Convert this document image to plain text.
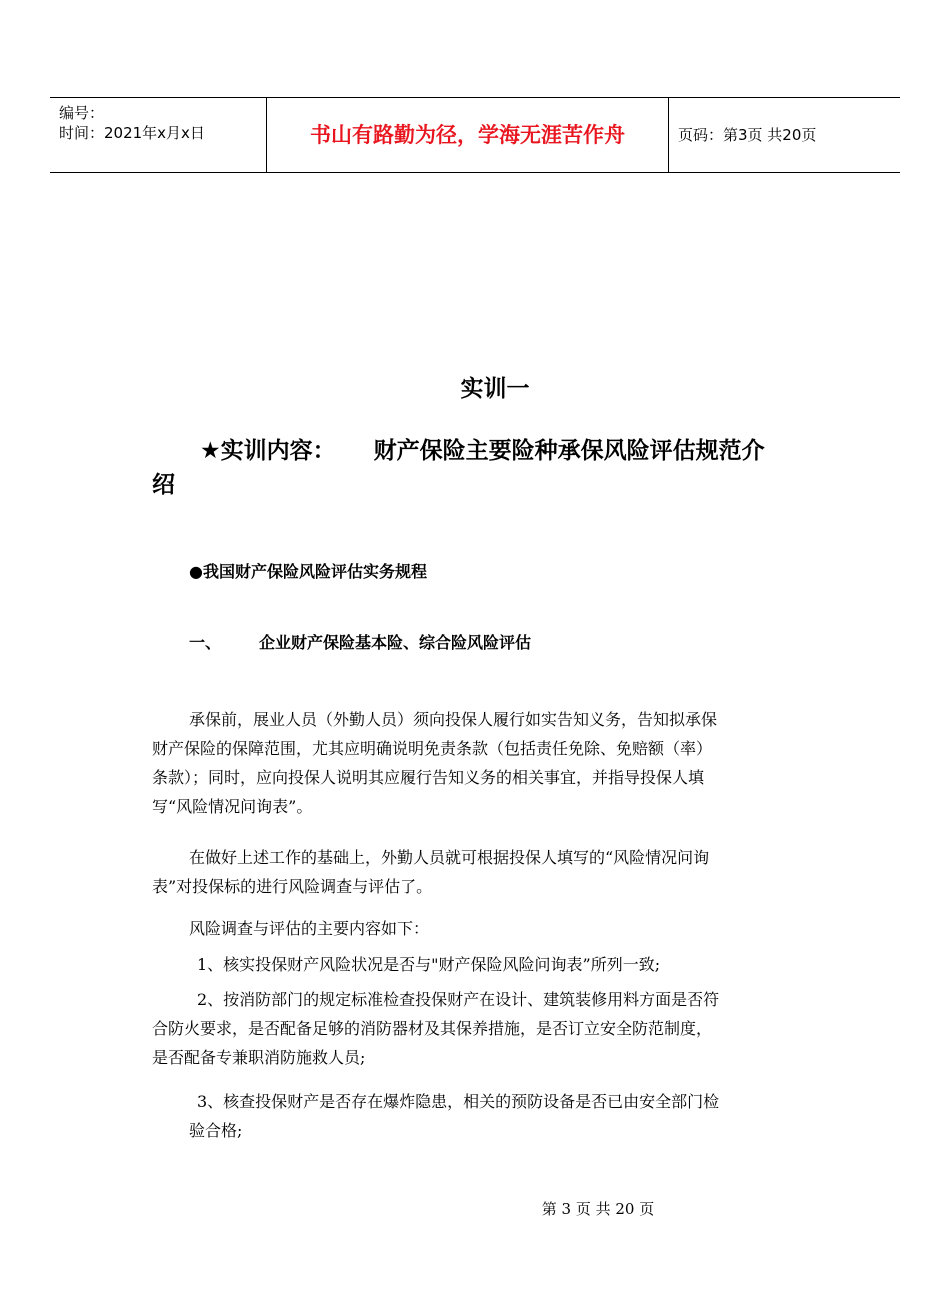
编号：
时间：2021年x月x日	书山有路勤为径，学海无涯苦作舟	页码：第3页 共20页
实训一
★实训内容： 财产保险主要险种承保风险评估规范介
绍
●我国财产保险风险评估实务规程
一、 企业财产保险基本险、综合险风险评估
承保前，展业人员（外勤人员）须向投保人履行如实告知义务，告知拟承保
财产保险的保障范围，尤其应明确说明免责条款（包括责任免除、免赔额（率）
条款）；同时，应向投保人说明其应履行告知义务的相关事宜，并指导投保人填
写“风险情况问询表”。
在做好上述工作的基础上，外勤人员就可根据投保人填写的“风险情况问询
表”对投保标的进行风险调查与评估了。
风险调查与评估的主要内容如下：
1、核实投保财产风险状况是否与"财产保险风险问询表”所列一致;
2、按消防部门的规定标准检查投保财产在设计、建筑装修用料方面是否符
合防火要求，是否配备足够的消防器材及其保养措施，是否订立安全防范制度，
是否配备专兼职消防施救人员;
3、核查投保财产是否存在爆炸隐患，相关的预防设备是否已由安全部门检
验合格;
第 3 页 共 20 页
